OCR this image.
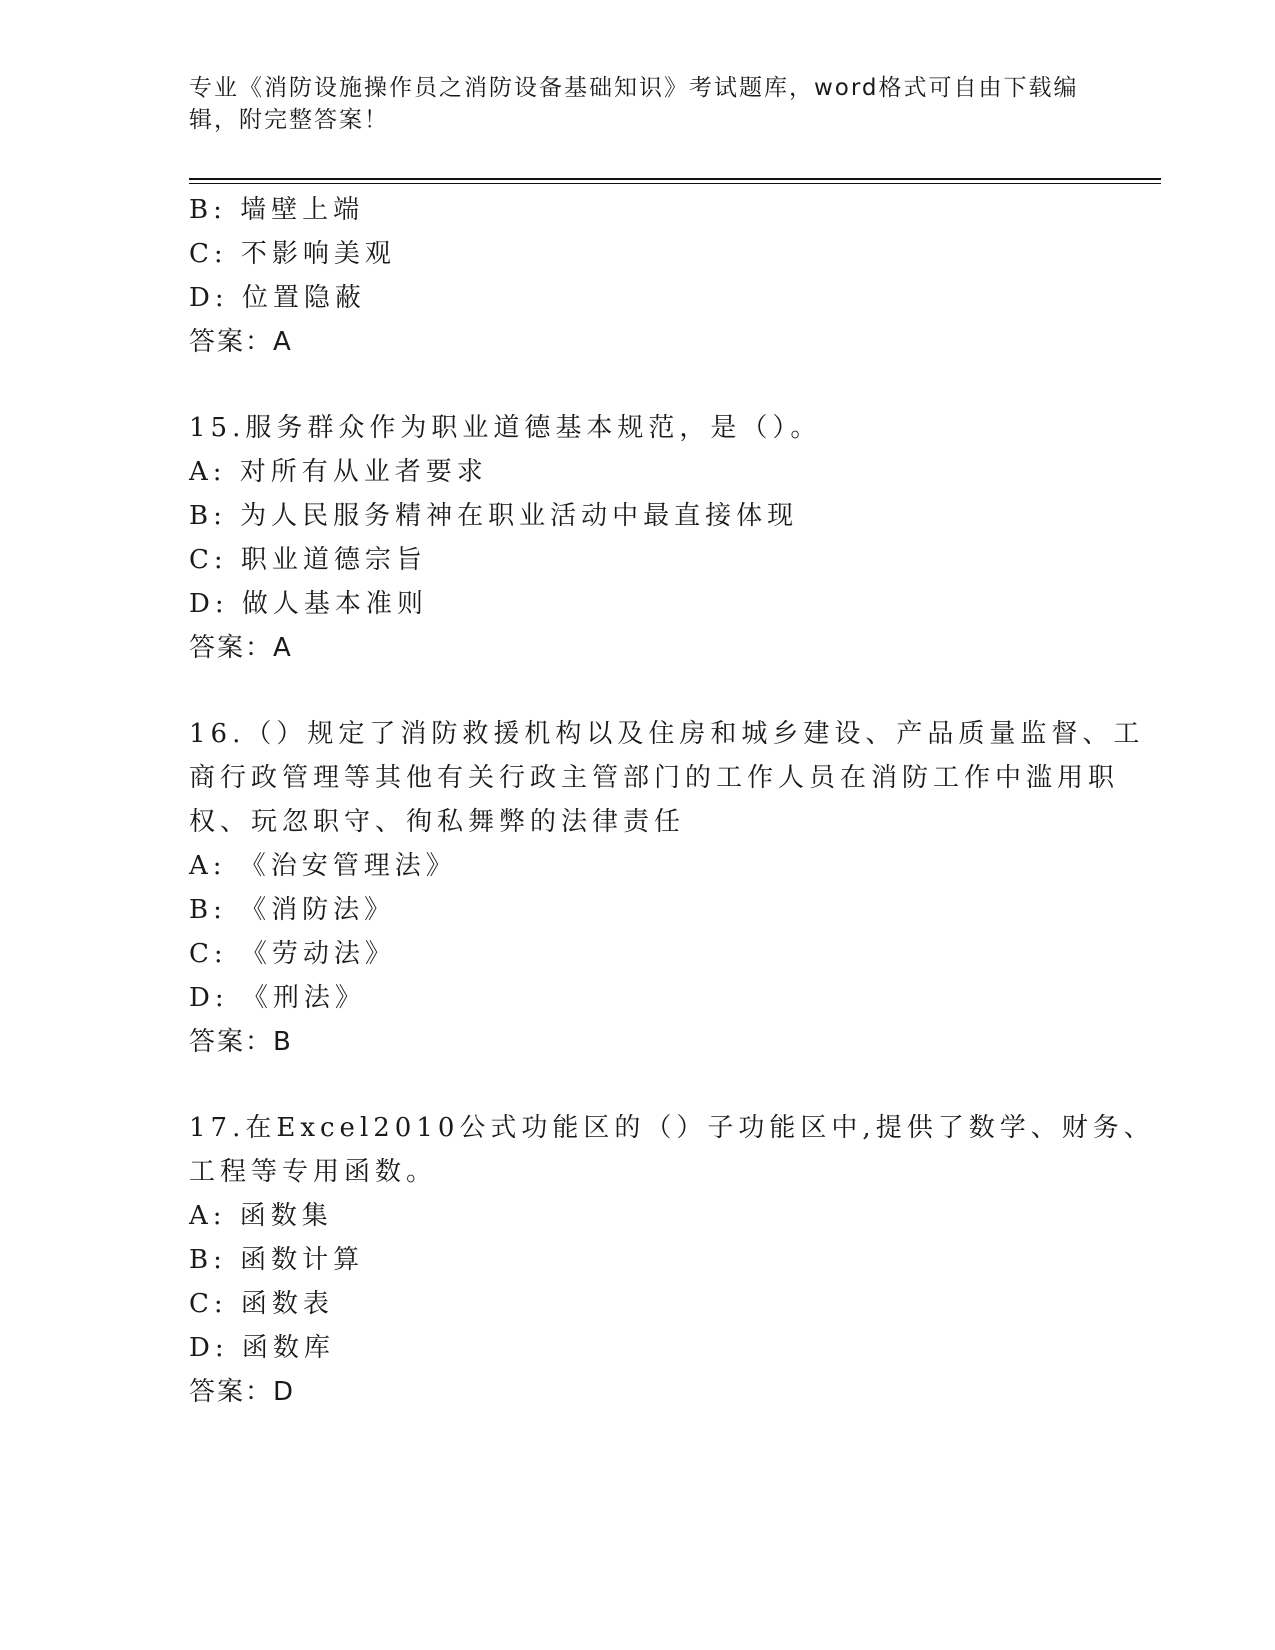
专业《消防设施操作员之消防设备基础知识》考试题库，word格式可自由下载编
辑，附完整答案！
B: 墙壁上端
C: 不影响美观
D: 位置隐蔽
答案：A
15.服务群众作为职业道德基本规范，是（）。
A: 对所有从业者要求
B: 为人民服务精神在职业活动中最直接体现
C: 职业道德宗旨
D: 做人基本准则
答案：A
16.（）规定了消防救援机构以及住房和城乡建设、产品质量监督、工
商行政管理等其他有关行政主管部门的工作人员在消防工作中滥用职
权、玩忽职守、徇私舞弊的法律责任
A: 《治安管理法》
B: 《消防法》
C: 《劳动法》
D: 《刑法》
答案：B
17.在Excel2010公式功能区的（）子功能区中,提供了数学、财务、
工程等专用函数。
A: 函数集
B: 函数计算
C: 函数表
D: 函数库
答案：D
